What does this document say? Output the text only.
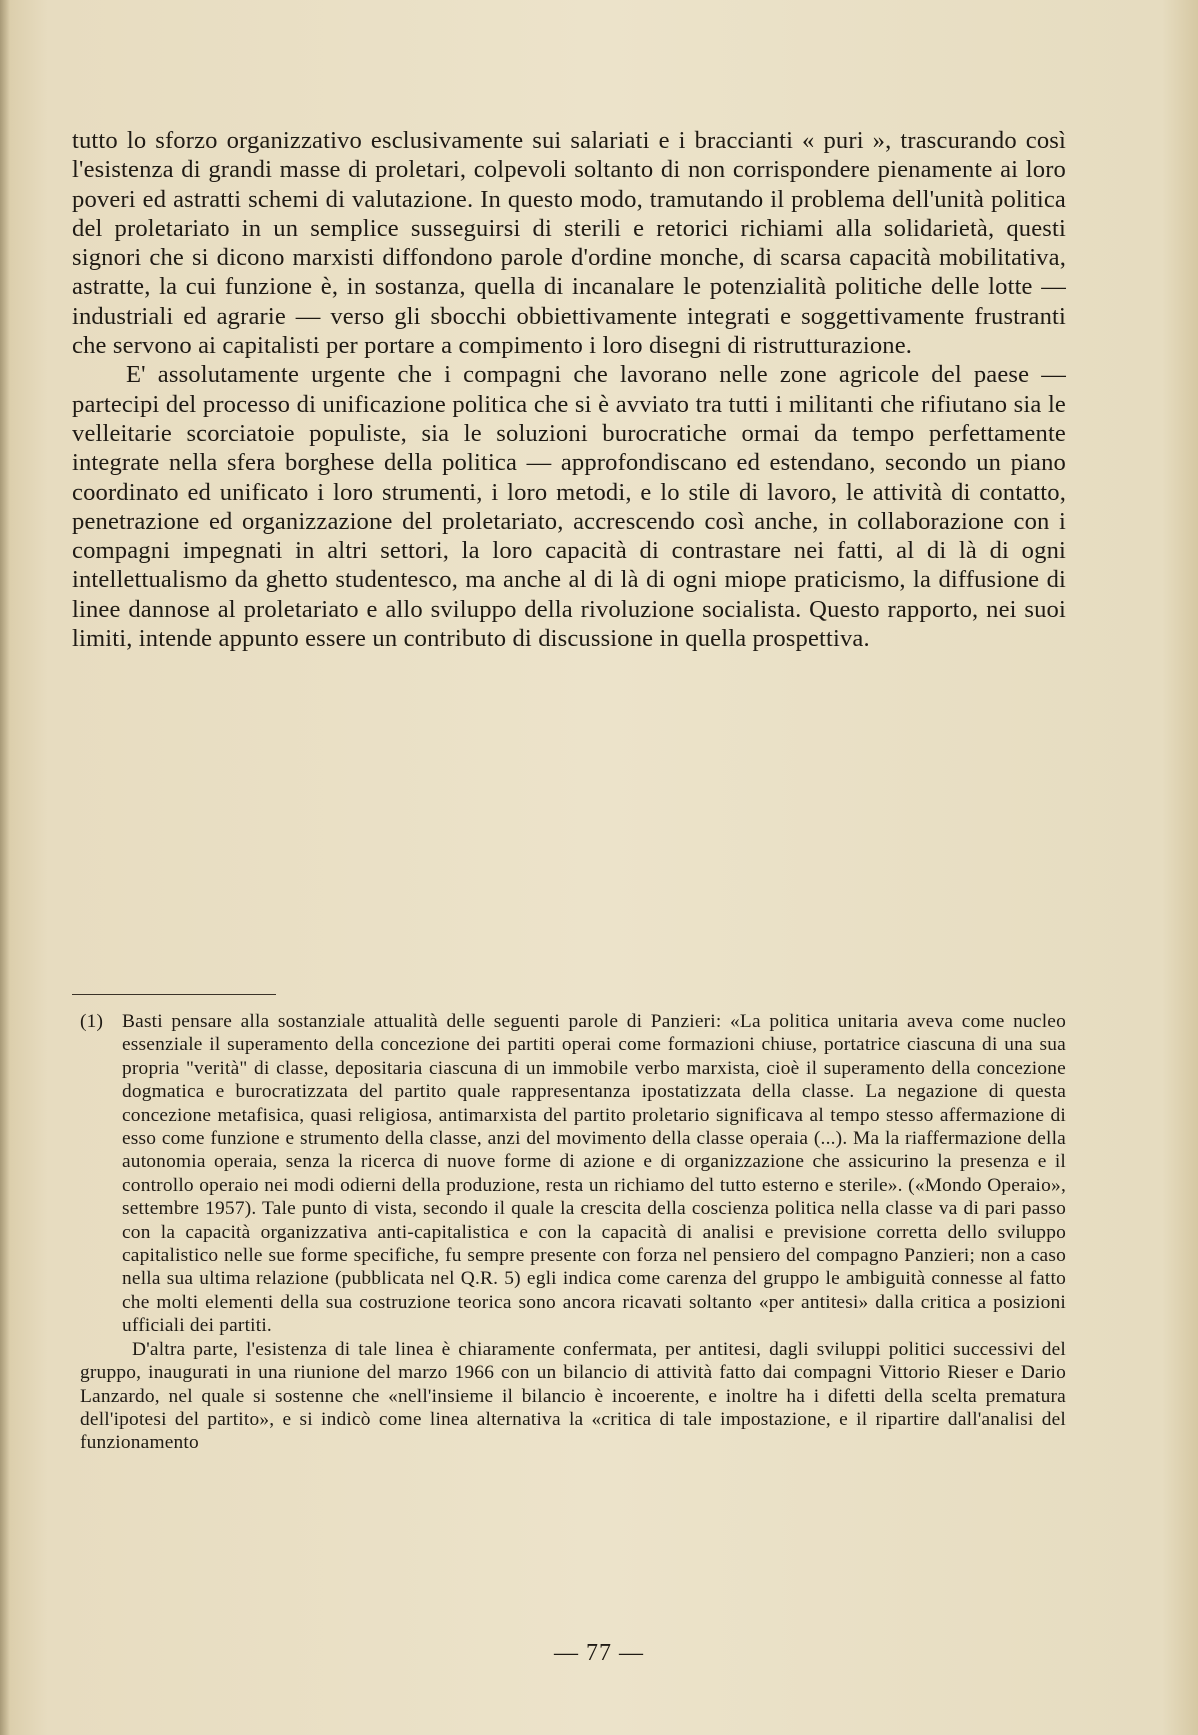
tutto lo sforzo organizzativo esclusivamente sui salariati e i braccianti « puri », trascurando così l'esistenza di grandi masse di proletari, colpevoli soltanto di non corrispondere pienamente ai loro poveri ed astratti schemi di valutazione. In questo modo, tramutando il problema dell'unità politica del proletariato in un semplice susseguirsi di sterili e retorici richiami alla solidarietà, questi signori che si dicono marxisti diffondono parole d'ordine monche, di scarsa capacità mobilitativa, astratte, la cui funzione è, in sostanza, quella di incanalare le potenzialità politiche delle lotte — industriali ed agrarie — verso gli sbocchi obbiettivamente integrati e soggettivamente frustranti che servono ai capitalisti per portare a compimento i loro disegni di ristrutturazione.

E' assolutamente urgente che i compagni che lavorano nelle zone agricole del paese — partecipi del processo di unificazione politica che si è avviato tra tutti i militanti che rifiutano sia le velleitarie scorciatoie populiste, sia le soluzioni burocratiche ormai da tempo perfettamente integrate nella sfera borghese della politica — approfondiscano ed estendano, secondo un piano coordinato ed unificato i loro strumenti, i loro metodi, e lo stile di lavoro, le attività di contatto, penetrazione ed organizzazione del proletariato, accrescendo così anche, in collaborazione con i compagni impegnati in altri settori, la loro capacità di contrastare nei fatti, al di là di ogni intellettualismo da ghetto studentesco, ma anche al di là di ogni miope praticismo, la diffusione di linee dannose al proletariato e allo sviluppo della rivoluzione socialista. Questo rapporto, nei suoi limiti, intende appunto essere un contributo di discussione in quella prospettiva.

(1) Basti pensare alla sostanziale attualità delle seguenti parole di Panzieri: «La politica unitaria aveva come nucleo essenziale il superamento della concezione dei partiti operai come formazioni chiuse, portatrice ciascuna di una sua propria "verità" di classe, depositaria ciascuna di un immobile verbo marxista, cioè il superamento della concezione dogmatica e burocratizzata del partito quale rappresentanza ipostatizzata della classe. La negazione di questa concezione metafisica, quasi religiosa, antimarxista del partito proletario significava al tempo stesso affermazione di esso come funzione e strumento della classe, anzi del movimento della classe operaia (...). Ma la riaffermazione della autonomia operaia, senza la ricerca di nuove forme di azione e di organizzazione che assicurino la presenza e il controllo operaio nei modi odierni della produzione, resta un richiamo del tutto esterno e sterile». («Mondo Operaio», settembre 1957). Tale punto di vista, secondo il quale la crescita della coscienza politica nella classe va di pari passo con la capacità organizzativa anti-capitalistica e con la capacità di analisi e previsione corretta dello sviluppo capitalistico nelle sue forme specifiche, fu sempre presente con forza nel pensiero del compagno Panzieri; non a caso nella sua ultima relazione (pubblicata nel Q.R. 5) egli indica come carenza del gruppo le ambiguità connesse al fatto che molti elementi della sua costruzione teorica sono ancora ricavati soltanto «per antitesi» dalla critica a posizioni ufficiali dei partiti.

D'altra parte, l'esistenza di tale linea è chiaramente confermata, per antitesi, dagli sviluppi politici successivi del gruppo, inaugurati in una riunione del marzo 1966 con un bilancio di attività fatto dai compagni Vittorio Rieser e Dario Lanzardo, nel quale si sostenne che «nell'insieme il bilancio è incoerente, e inoltre ha i difetti della scelta prematura dell'ipotesi del partito», e si indicò come linea alternativa la «critica di tale impostazione, e il ripartire dall'analisi del funzionamento

— 77 —
